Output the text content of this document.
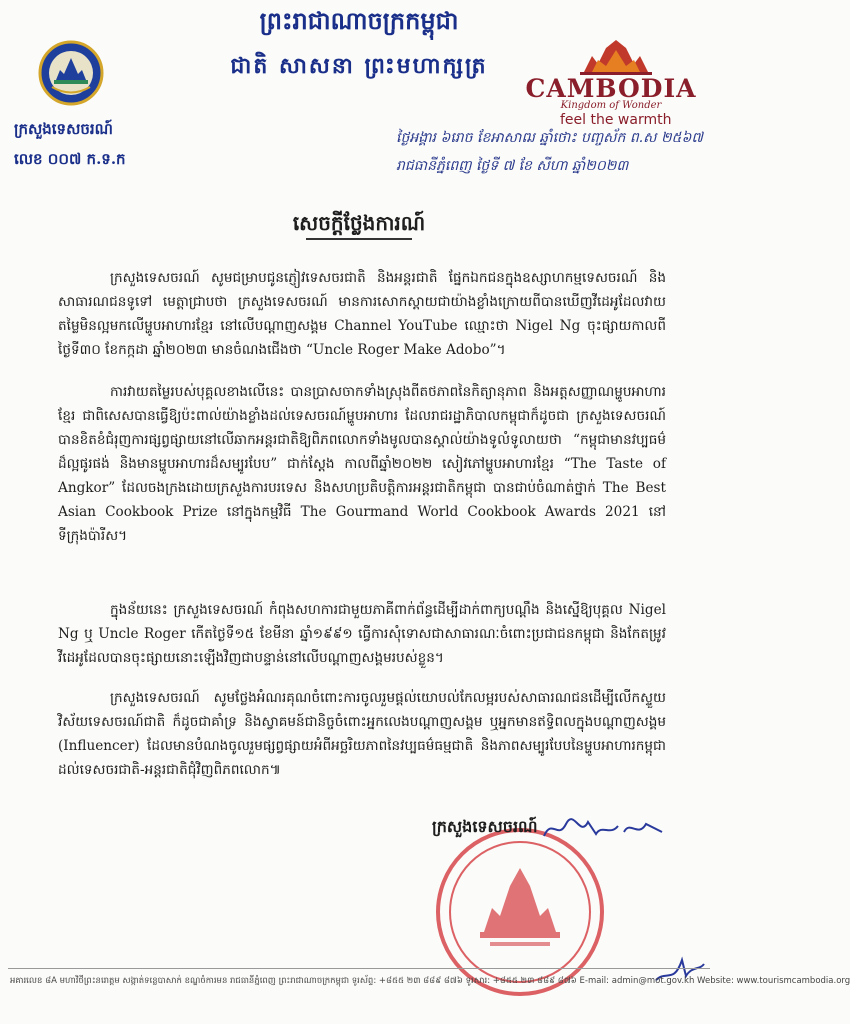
ព្រះរាជាណាចក្រកម្ពុជា
ជាតិ សាសនា ព្រះមហាក្សត្រ
ក្រសួងទេសចរណ៍
លេខ ០០៧ ក.ទ.ក
CAMBODIA
Kingdom of Wonder
feel the warmth
ថ្ងៃអង្គារ ៦រោច ខែអាសាឍ ឆ្នាំថោះ បញ្ចស័ក ព.ស ២៥៦៧
រាជធានីភ្នំពេញ ថ្ងៃទី ៧ ខែ សីហា ឆ្នាំ២០២៣
សេចក្តីថ្លែងការណ៍
ក្រសួងទេសចរណ៍ សូមជម្រាបជូនភ្ញៀវទេសចរជាតិ និងអន្តរជាតិ ផ្នែកឯកជនក្នុងឧស្សាហកម្មទេសចរណ៍ និងសាធារណជនទូទៅ មេត្តាជ្រាបថា ក្រសួងទេសចរណ៍ មានការសោកស្តាយជាយ៉ាងខ្លាំងក្រោយពីបានឃើញវីដេអូដែលវាយតម្លៃមិនល្អមកលើម្ហូបអាហារខ្មែរ នៅលើបណ្តាញសង្គម Channel YouTube ឈ្មោះថា Nigel Ng ចុះផ្សាយកាលពីថ្ងៃទី៣០ ខែកក្កដា ឆ្នាំ២០២៣ មានចំណងជើងថា “Uncle Roger Make Adobo”។
ការវាយតម្លៃរបស់បុគ្គលខាងលើនេះ បានប្រាសចាកទាំងស្រុងពីតថភាពនៃកិត្យានុភាព និងអត្តសញ្ញាណម្ហូបអាហារខ្មែរ ជាពិសេសបានធ្វើឱ្យប៉ះពាល់យ៉ាងខ្លាំងដល់ទេសចរណ៍ម្ហូបអាហារ ដែលរាជរដ្ឋាភិបាលកម្ពុជាក៏ដូចជា ក្រសួងទេសចរណ៍ បានខិតខំជំរុញការផ្សព្វផ្សាយនៅលើឆាកអន្តរជាតិឱ្យពិភពលោកទាំងមូលបានស្គាល់យ៉ាងទូលំទូលាយថា “កម្ពុជាមានវប្បធម៌ដ៏ល្អផូរផង់ និងមានម្ហូបអាហារដ៏សម្បូរបែប” ជាក់ស្តែង កាលពីឆ្នាំ២០២២ សៀវភៅម្ហូបអាហារខ្មែរ “The Taste of Angkor” ដែលចងក្រងដោយក្រសួងការបរទេស និងសហប្រតិបត្តិការអន្តរជាតិកម្ពុជា បានជាប់ចំណាត់ថ្នាក់ The Best Asian Cookbook Prize នៅក្នុងកម្មវិធី The Gourmand World Cookbook Awards 2021 នៅទីក្រុងប៉ារីស។
ក្នុងន័យនេះ ក្រសួងទេសចរណ៍ កំពុងសហការជាមួយភាគីពាក់ព័ន្ធដើម្បីដាក់ពាក្យបណ្តឹង និងស្នើឱ្យបុគ្គល Nigel Ng ឬ Uncle Roger កើតថ្ងៃទី១៥ ខែមីនា ឆ្នាំ១៩៩១ ធ្វើការសុំទោសជាសាធារណៈចំពោះប្រជាជនកម្ពុជា និងកែតម្រូវវីដេអូដែលបានចុះផ្សាយនោះឡើងវិញជាបន្ទាន់នៅលើបណ្តាញសង្គមរបស់ខ្លួន។
ក្រសួងទេសចរណ៍ សូមថ្លែងអំណរគុណចំពោះការចូលរួមផ្តល់យោបល់កែលម្អរបស់សាធារណជនដើម្បីលើកស្ទួយវិស័យទេសចរណ៍ជាតិ ក៏ដូចជាគាំទ្រ និងស្វាគមន៍ជានិច្ចចំពោះអ្នកលេងបណ្តាញសង្គម ឬអ្នកមានឥទ្ធិពលក្នុងបណ្តាញសង្គម (Influencer) ដែលមានបំណងចូលរួមផ្សព្វផ្សាយអំពីអច្ឆរិយភាពនៃវប្បធម៌ធម្មជាតិ និងភាពសម្បូរបែបនៃម្ហូបអាហារកម្ពុជា ដល់ទេសចរជាតិ-អន្តរជាតិជុំវិញពិភពលោក៕
ក្រសួងទេសចរណ៍
អគារលេខ ៨A មហាវិថីព្រះនរោត្តម សង្កាត់ទន្លេបាសាក់ ខណ្ឌចំការមន រាជធានីភ្នំពេញ ព្រះរាជាណាចក្រកម្ពុជា ទូរស័ព្ទ: +៨៥៥ ២៣ ៨៨៩ ៨៧៦ ទូរសារ: +៨៥៥ ២៣ ៨៨៩ ៨៧៦ E-mail: admin@mot.gov.kh Website: www.tourismcambodia.org
